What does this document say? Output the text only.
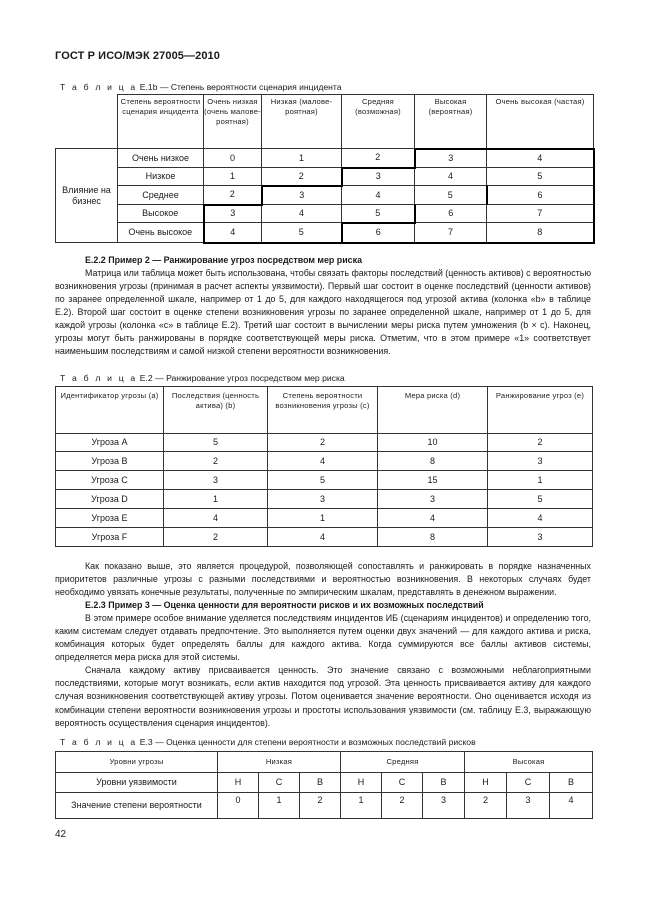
ГОСТ Р ИСО/МЭК 27005—2010
Т а б л и ц а Е.1b — Степень вероятности сценария инцидента
	Степень вероятности сценария инцидента	Очень низкая (очень малове-роятная)	Низкая (малове-роятная)	Средняя (возможная)	Высокая (вероятная)	Очень высокая (частая)
Влияние на бизнес	Очень низкое	0	1	2	3	4
	Низкое	1	2	3	4	5
	Среднее	2	3	4	5	6
	Высокое	3	4	5	6	7
	Очень высокое	4	5	6	7	8

Е.2.2 Пример 2 — Ранжирование угроз посредством мер риска

Матрица или таблица может быть использована, чтобы связать факторы последствий (ценность активов) с вероятностью возникновения угрозы (принимая в расчет аспекты уязвимости). Первый шаг состоит в оценке последствий (ценности активов) по заранее определенной шкале, например от 1 до 5, для каждого находящегося под угрозой актива (колонка «b» в таблице Е.2). Второй шаг состоит в оценке степени возникновения угрозы по заранее определенной шкале, например от 1 до 5, для каждой угрозы (колонка «с» в таблице Е.2). Третий шаг состоит в вычислении меры риска путем умножения (b × c). Наконец, угрозы могут быть ранжированы в порядке соответствующей меры риска. Отметим, что в этом примере «1» соответствует наименьшим последствиям и самой низкой степени вероятности возникновения.

Т а б л и ц а Е.2 — Ранжирование угроз посредством мер риска
Идентификатор угрозы (a)	Последствия (ценность актива) (b)	Степень вероятности возникновения угрозы (c)	Мера риска (d)	Ранжирование угроз (e)
Угроза А	5	2	10	2
Угроза В	2	4	8	3
Угроза С	3	5	15	1
Угроза D	1	3	3	5
Угроза Е	4	1	4	4
Угроза F	2	4	8	3

Как показано выше, это является процедурой, позволяющей сопоставлять и ранжировать в порядке назначенных приоритетов различные угрозы с разными последствиями и вероятностью возникновения. В некоторых случаях будет необходимо увязать конечные результаты, полученные по эмпирическим шкалам, представлять в денежном выражении.

Е.2.3 Пример 3 — Оценка ценности для вероятности рисков и их возможных последствий

В этом примере особое внимание уделяется последствиям инцидентов ИБ (сценариям инцидентов) и определению того, каким системам следует отдавать предпочтение. Это выполняется путем оценки двух значений — для каждого актива и риска, комбинация которых будет определять баллы для каждого актива. Когда суммируются все баллы активов системы, определяется мера риска для этой системы.

Сначала каждому активу присваивается ценность. Это значение связано с возможными неблагоприятными последствиями, которые могут возникать, если актив находится под угрозой. Эта ценность присваивается активу для каждого случая возникновения соответствующей активу угрозы. Потом оценивается значение вероятности. Оно оценивается исходя из комбинации степени вероятности возникновения угрозы и простоты использования уязвимости (см. таблицу Е.3, выражающую вероятность осуществления сценария инцидентов).

Т а б л и ц а Е.3 — Оценка ценности для степени вероятности и возможных последствий рисков
Уровни угрозы	Низкая			Средняя			Высокая		
Уровни уязвимости	Н	С	В	Н	С	В	Н	С	В
Значение степени вероятности	0	1	2	1	2	3	2	3	4
42
